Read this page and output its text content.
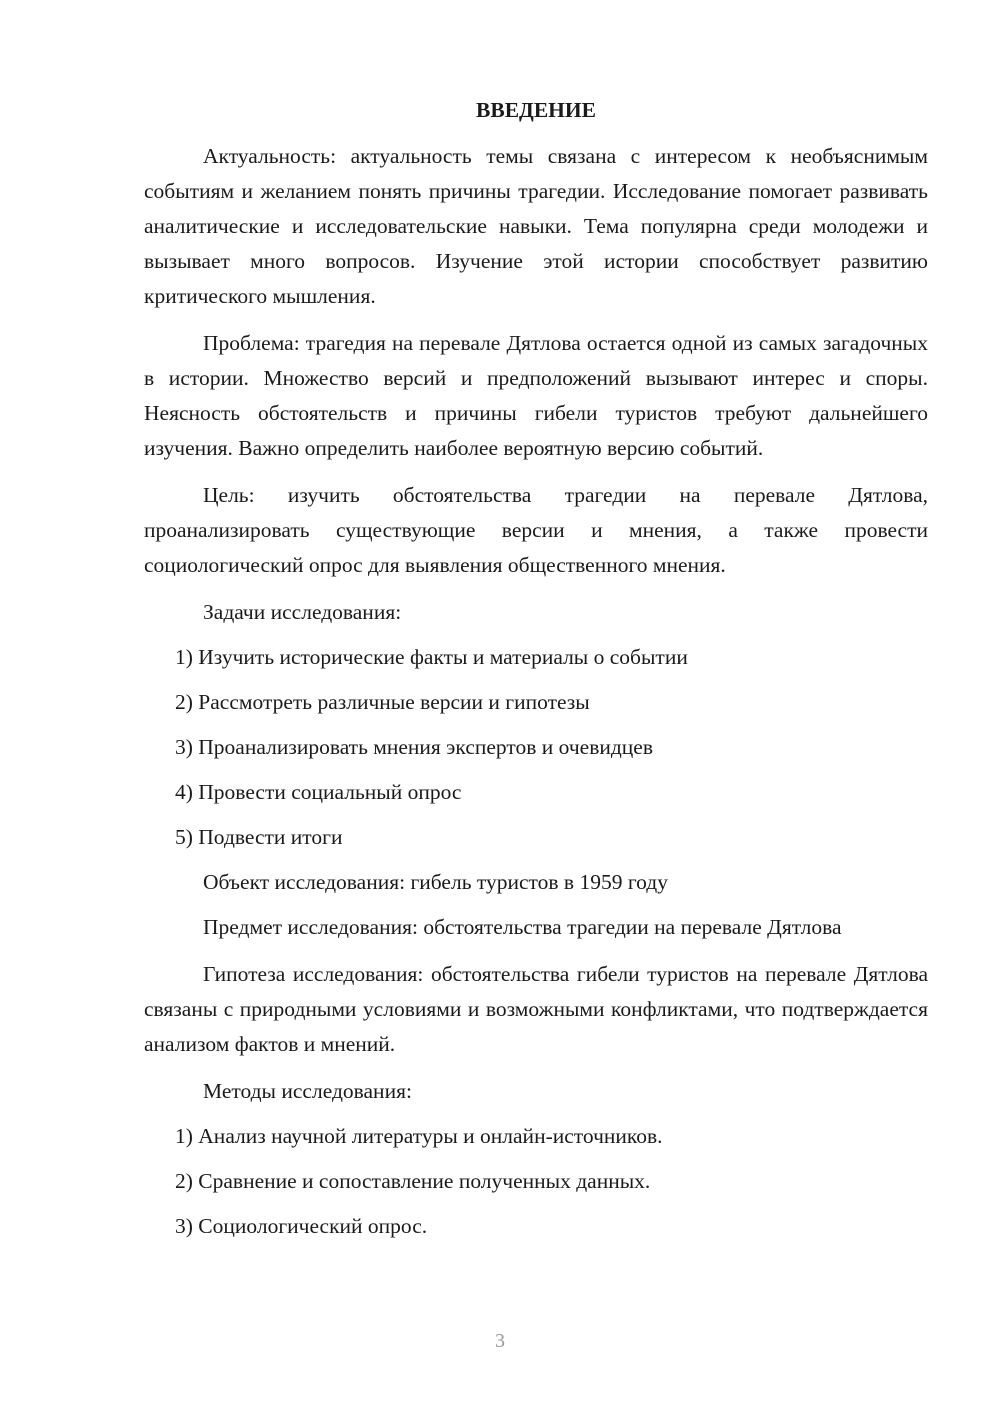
ВВЕДЕНИЕ

Актуальность: актуальность темы связана с интересом к необъяснимым событиям и желанием понять причины трагедии. Исследование помогает развивать аналитические и исследовательские навыки. Тема популярна среди молодежи и вызывает много вопросов. Изучение этой истории способствует развитию критического мышления.

Проблема: трагедия на перевале Дятлова остается одной из самых загадочных в истории. Множество версий и предположений вызывают интерес и споры. Неясность обстоятельств и причины гибели туристов требуют дальнейшего изучения. Важно определить наиболее вероятную версию событий.

Цель: изучить обстоятельства трагедии на перевале Дятлова, проанализировать существующие версии и мнения, а также провести социологический опрос для выявления общественного мнения.

Задачи исследования:

1) Изучить исторические факты и материалы о событии
2) Рассмотреть различные версии и гипотезы
3) Проанализировать мнения экспертов и очевидцев
4) Провести социальный опрос
5) Подвести итоги

Объект исследования: гибель туристов в 1959 году

Предмет исследования: обстоятельства трагедии на перевале Дятлова

Гипотеза исследования: обстоятельства гибели туристов на перевале Дятлова связаны с природными условиями и возможными конфликтами, что подтверждается анализом фактов и мнений.

Методы исследования:

1) Анализ научной литературы и онлайн-источников.
2) Сравнение и сопоставление полученных данных.
3) Социологический опрос.
3
